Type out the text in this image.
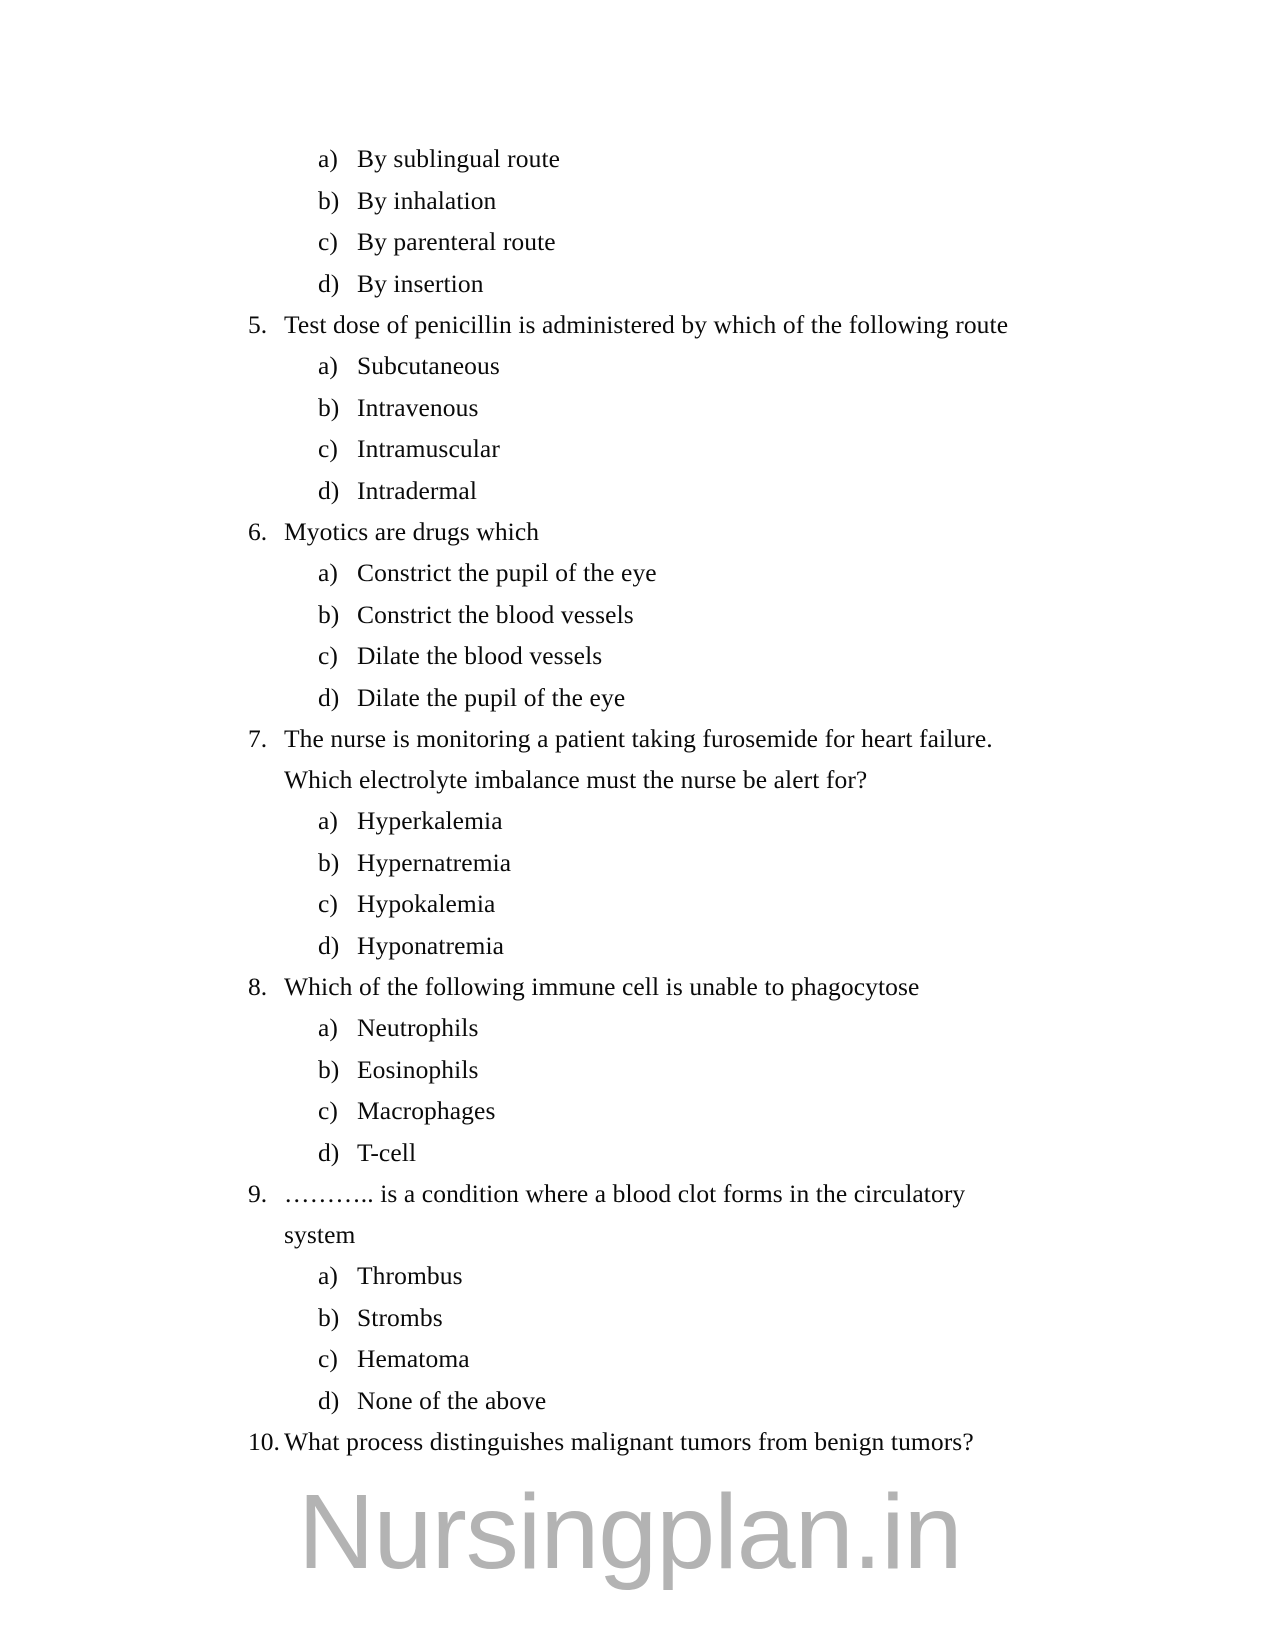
a) By sublingual route
b) By inhalation
c) By parenteral route
d) By insertion
5. Test dose of penicillin is administered by which of the following route
a) Subcutaneous
b) Intravenous
c) Intramuscular
d) Intradermal
6. Myotics are drugs which
a) Constrict the pupil of the eye
b) Constrict the blood vessels
c) Dilate the blood vessels
d) Dilate the pupil of the eye
7. The nurse is monitoring a patient taking furosemide for heart failure. Which electrolyte imbalance must the nurse be alert for?
a) Hyperkalemia
b) Hypernatremia
c) Hypokalemia
d) Hyponatremia
8. Which of the following immune cell is unable to phagocytose
a) Neutrophils
b) Eosinophils
c) Macrophages
d) T-cell
9. ……….. is a condition where a blood clot forms in the circulatory system
a) Thrombus
b) Strombs
c) Hematoma
d) None of the above
10. What process distinguishes malignant tumors from benign tumors?
Nursingplan.in
